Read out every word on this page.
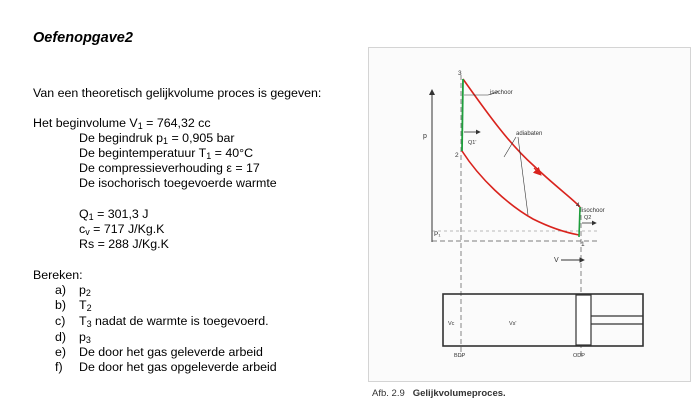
Oefenopgave2
Van een theoretisch gelijkvolume proces is gegeven:
Het beginvolume $V_1 = 764,32$ cc
De begindruk $p_1 = 0,905$ bar
De begintemperatuur $T_1 = 40^\circ C$
De compressieverhouding ε = 17
De isochorisch toegevoerde warmte
$Q_1 = 301,3$ J
$c_v = 717$ J/Kg.K
Rs = 288 J/Kg.K
Bereken:
a) $p_2$
b) $T_2$
c) $T_3$ nadat de warmte is toegevoerd.
d) $p_3$
e) De door het gas geleverde arbeid
f) De door het gas opgeleverde arbeid
p
P₁
V
Q1'
Q2
isochoor
adiabaten
isochoor
3
2
4
1
Vc	Vs'
BDP	ODP
Afb. 2.9 Gelijkvolumeproces.
